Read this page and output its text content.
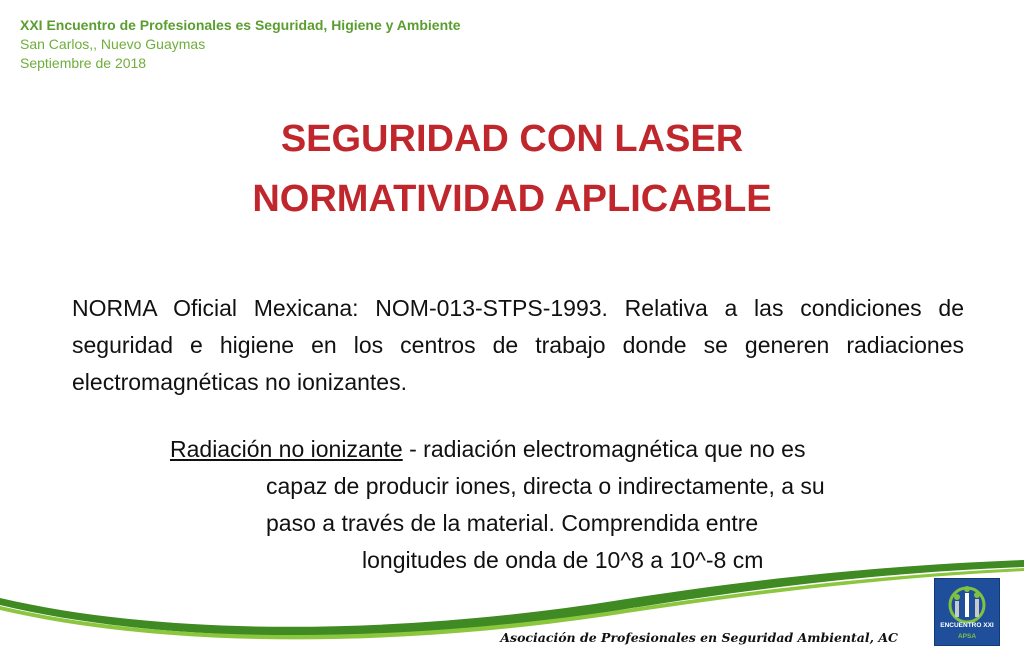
XXI Encuentro de Profesionales es Seguridad, Higiene y Ambiente
San Carlos,, Nuevo Guaymas
Septiembre de 2018
SEGURIDAD CON LASER
NORMATIVIDAD APLICABLE
NORMA Oficial Mexicana: NOM-013-STPS-1993. Relativa a las condiciones de seguridad e higiene en los centros de trabajo donde se generen radiaciones electromagnéticas no ionizantes.
Radiación no ionizante - radiación electromagnética que no es
capaz de producir iones, directa o indirectamente, a su
paso a través de la material. Comprendida entre
longitudes de onda de 10^8 a 10^-8 cm
Asociación de Profesionales en Seguridad Ambiental, AC
ENCUENTRO XXI
APSA
